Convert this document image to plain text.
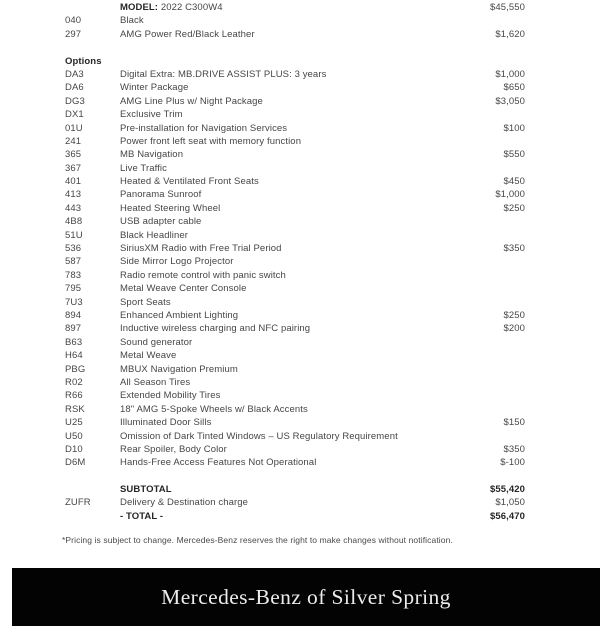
MODEL: 2022 C300W4	$45,550
040	Black
297	AMG Power Red/Black Leather	$1,620
Options
DA3	Digital Extra: MB.DRIVE ASSIST PLUS: 3 years	$1,000
DA6	Winter Package	$650
DG3	AMG Line Plus w/ Night Package	$3,050
DX1	Exclusive Trim
01U	Pre-installation for Navigation Services	$100
241	Power front left seat with memory function
365	MB Navigation	$550
367	Live Traffic
401	Heated & Ventilated Front Seats	$450
413	Panorama Sunroof	$1,000
443	Heated Steering Wheel	$250
4B8	USB adapter cable
51U	Black Headliner
536	SiriusXM Radio with Free Trial Period	$350
587	Side Mirror Logo Projector
783	Radio remote control with panic switch
795	Metal Weave Center Console
7U3	Sport Seats
894	Enhanced Ambient Lighting	$250
897	Inductive wireless charging and NFC pairing	$200
B63	Sound generator
H64	Metal Weave
PBG	MBUX Navigation Premium
R02	All Season Tires
R66	Extended Mobility Tires
RSK	18" AMG 5-Spoke Wheels w/ Black Accents
U25	Illuminated Door Sills	$150
U50	Omission of Dark Tinted Windows – US Regulatory Requirement
D10	Rear Spoiler, Body Color	$350
D6M	Hands-Free Access Features Not Operational	$-100
SUBTOTAL	$55,420
ZUFR	Delivery & Destination charge	$1,050
- TOTAL -	$56,470
*Pricing is subject to change. Mercedes-Benz reserves the right to make changes without notification.
Mercedes-Benz of Silver Spring
